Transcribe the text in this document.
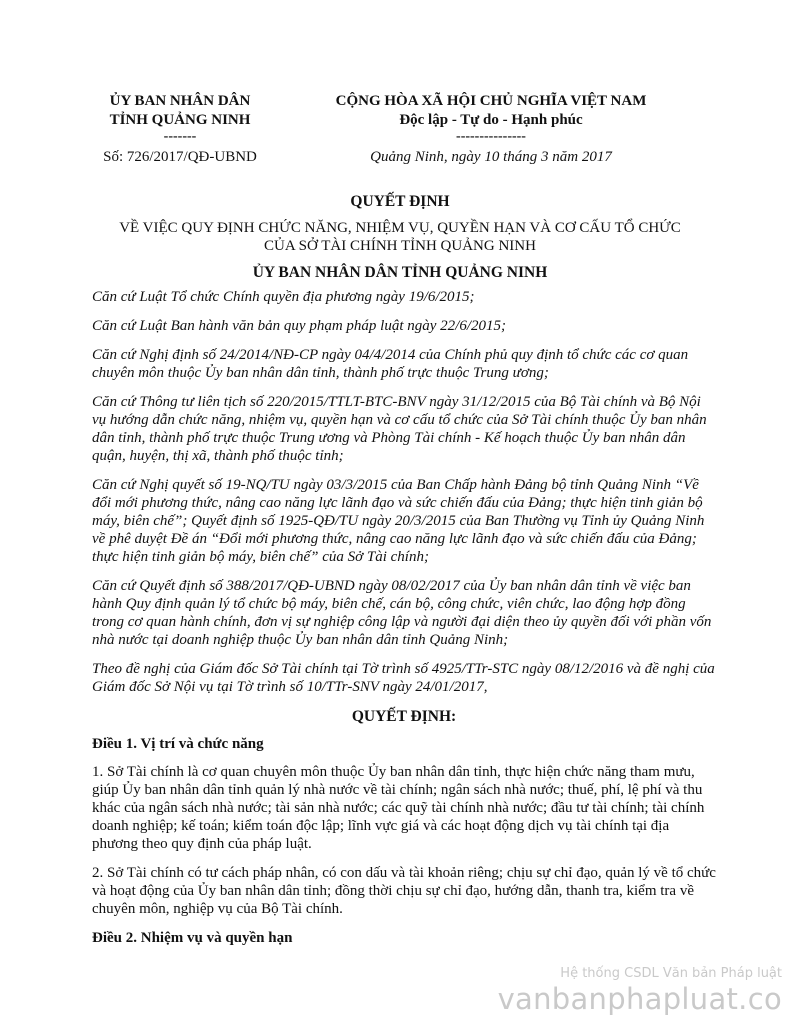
ỦY BAN NHÂN DÂN
TỈNH QUẢNG NINH
-------
Số: 726/2017/QĐ-UBND
CỘNG HÒA XÃ HỘI CHỦ NGHĨA VIỆT NAM
Độc lập - Tự do - Hạnh phúc
---------------
Quảng Ninh, ngày 10 tháng 3 năm 2017
QUYẾT ĐỊNH
VỀ VIỆC QUY ĐỊNH CHỨC NĂNG, NHIỆM VỤ, QUYỀN HẠN VÀ CƠ CẤU TỔ CHỨC
CỦA SỞ TÀI CHÍNH TỈNH QUẢNG NINH
ỦY BAN NHÂN DÂN TỈNH QUẢNG NINH

Căn cứ Luật Tổ chức Chính quyền địa phương ngày 19/6/2015;

Căn cứ Luật Ban hành văn bản quy phạm pháp luật ngày 22/6/2015;

Căn cứ Nghị định số 24/2014/NĐ-CP ngày 04/4/2014 của Chính phủ quy định tổ chức các cơ quan chuyên môn thuộc Ủy ban nhân dân tỉnh, thành phố trực thuộc Trung ương;

Căn cứ Thông tư liên tịch số 220/2015/TTLT-BTC-BNV ngày 31/12/2015 của Bộ Tài chính và Bộ Nội vụ hướng dẫn chức năng, nhiệm vụ, quyền hạn và cơ cấu tổ chức của Sở Tài chính thuộc Ủy ban nhân dân tỉnh, thành phố trực thuộc Trung ương và Phòng Tài chính - Kế hoạch thuộc Ủy ban nhân dân quận, huyện, thị xã, thành phố thuộc tỉnh;

Căn cứ Nghị quyết số 19-NQ/TU ngày 03/3/2015 của Ban Chấp hành Đảng bộ tỉnh Quảng Ninh “Về đổi mới phương thức, nâng cao năng lực lãnh đạo và sức chiến đấu của Đảng; thực hiện tinh giản bộ máy, biên chế”; Quyết định số 1925-QĐ/TU ngày 20/3/2015 của Ban Thường vụ Tỉnh ủy Quảng Ninh về phê duyệt Đề án “Đổi mới phương thức, nâng cao năng lực lãnh đạo và sức chiến đấu của Đảng; thực hiện tinh giản bộ máy, biên chế” của Sở Tài chính;

Căn cứ Quyết định số 388/2017/QĐ-UBND ngày 08/02/2017 của Ủy ban nhân dân tỉnh về việc ban hành Quy định quản lý tổ chức bộ máy, biên chế, cán bộ, công chức, viên chức, lao động hợp đồng trong cơ quan hành chính, đơn vị sự nghiệp công lập và người đại diện theo ủy quyền đối với phần vốn nhà nước tại doanh nghiệp thuộc Ủy ban nhân dân tỉnh Quảng Ninh;

Theo đề nghị của Giám đốc Sở Tài chính tại Tờ trình số 4925/TTr-STC ngày 08/12/2016 và đề nghị của Giám đốc Sở Nội vụ tại Tờ trình số 10/TTr-SNV ngày 24/01/2017,

QUYẾT ĐỊNH:

Điều 1. Vị trí và chức năng

1. Sở Tài chính là cơ quan chuyên môn thuộc Ủy ban nhân dân tỉnh, thực hiện chức năng tham mưu, giúp Ủy ban nhân dân tỉnh quản lý nhà nước về tài chính; ngân sách nhà nước; thuế, phí, lệ phí và thu khác của ngân sách nhà nước; tài sản nhà nước; các quỹ tài chính nhà nước; đầu tư tài chính; tài chính doanh nghiệp; kế toán; kiểm toán độc lập; lĩnh vực giá và các hoạt động dịch vụ tài chính tại địa phương theo quy định của pháp luật.

2. Sở Tài chính có tư cách pháp nhân, có con dấu và tài khoản riêng; chịu sự chỉ đạo, quản lý về tổ chức và hoạt động của Ủy ban nhân dân tỉnh; đồng thời chịu sự chỉ đạo, hướng dẫn, thanh tra, kiểm tra về chuyên môn, nghiệp vụ của Bộ Tài chính.

Điều 2. Nhiệm vụ và quyền hạn

Hệ thống CSDL Văn bản Pháp luật
vanbanphapluat.co
